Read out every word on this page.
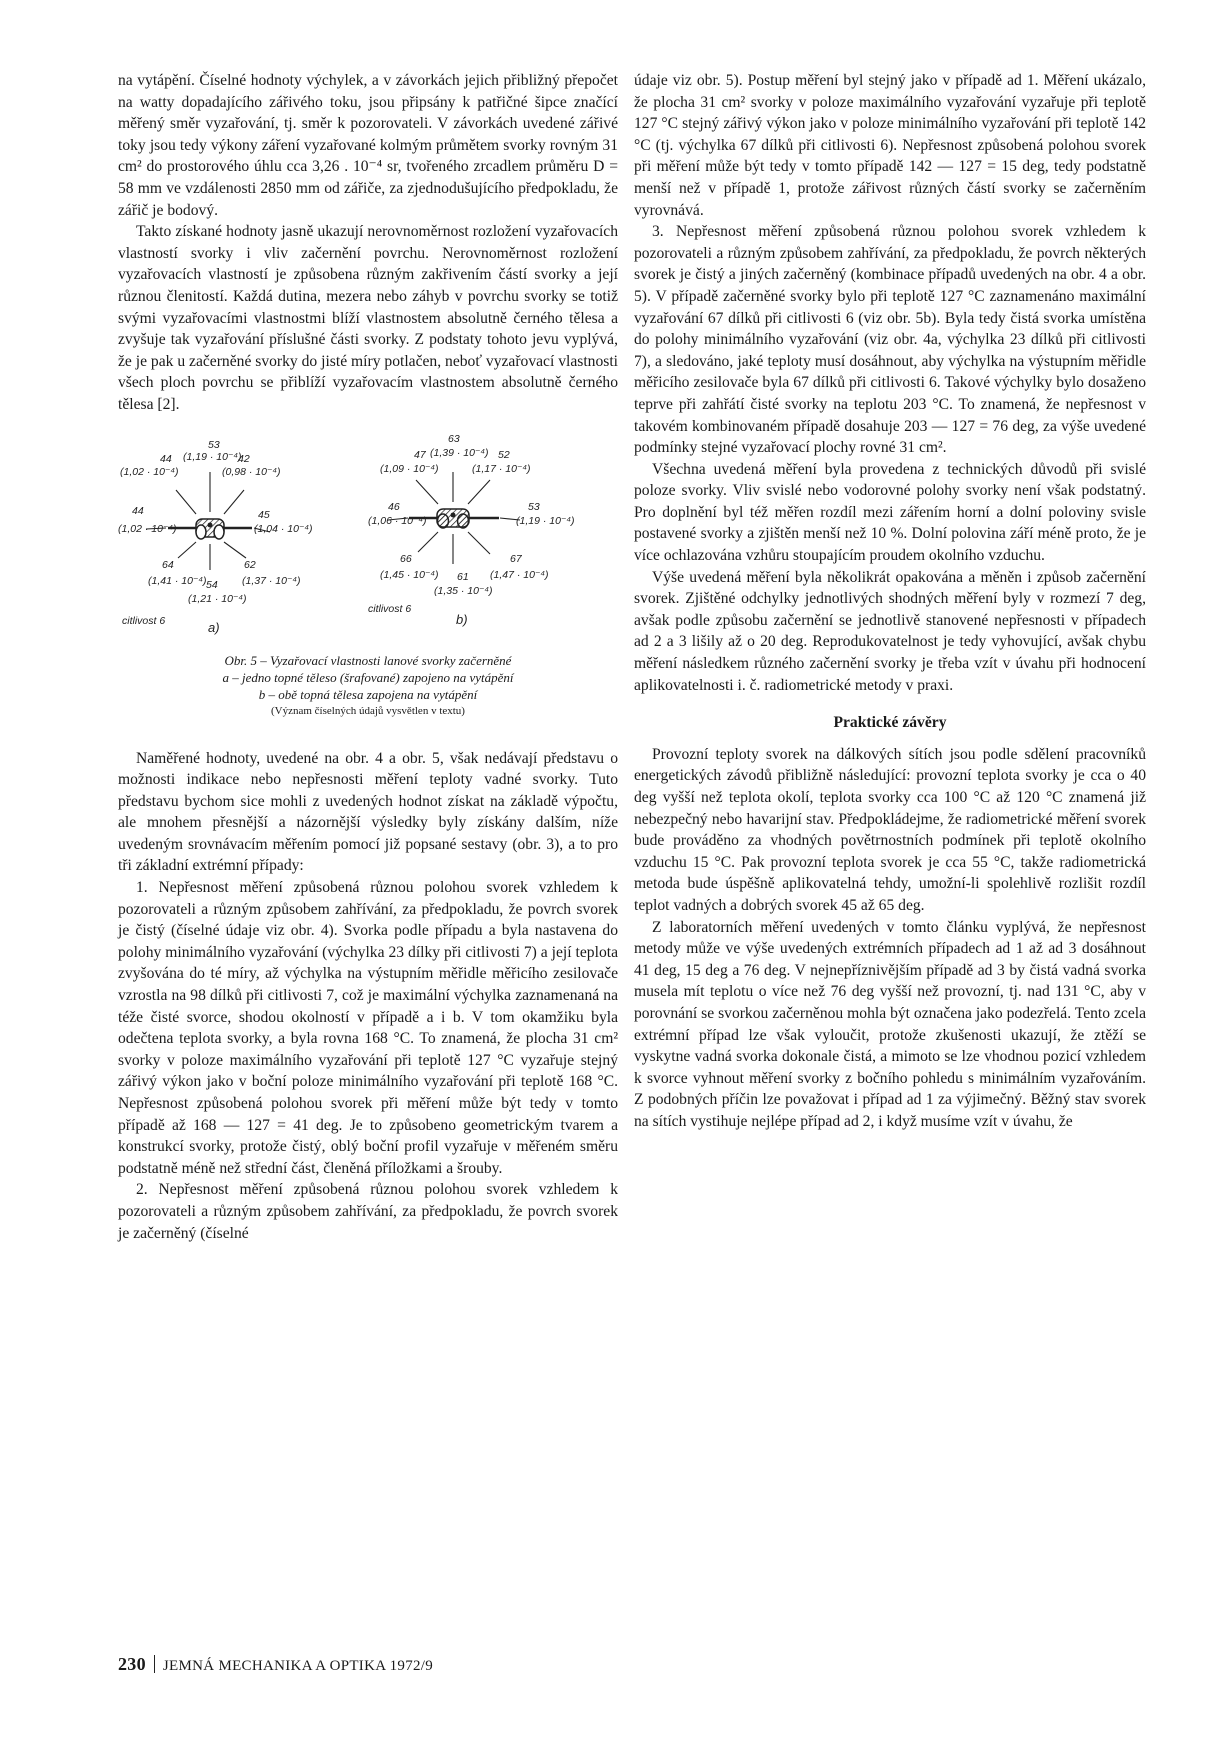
na vytápění. Číselné hodnoty výchylek, a v závorkách jejich přibližný přepočet na watty dopadajícího zářivého toku, jsou připsány k patřičné šipce značící měřený směr vyzařování, tj. směr k pozorovateli. V závorkách uvedené zářivé toky jsou tedy výkony záření vyzařované kolmým průmětem svorky rovným 31 cm² do prostorového úhlu cca 3,26 . 10⁻⁴ sr, tvořeného zrcadlem průměru D = 58 mm ve vzdálenosti 2850 mm od zářiče, za zjednodušujícího předpokladu, že zářič je bodový.

Takto získané hodnoty jasně ukazují nerovnoměrnost rozložení vyzařovacích vlastností svorky i vliv začernění povrchu. Nerovnoměrnost rozložení vyzařovacích vlastností je způsobena různým zakřivením částí svorky a její různou členitostí. Každá dutina, mezera nebo záhyb v povrchu svorky se totiž svými vyzařovacími vlastnostmi blíží vlastnostem absolutně černého tělesa a zvyšuje tak vyzařování příslušné části svorky. Z podstaty tohoto jevu vyplývá, že je pak u začerněné svorky do jisté míry potlačen, neboť vyzařovací vlastnosti všech ploch povrchu se přiblíží vyzařovacím vlastnostem absolutně černého tělesa [2].

53
(1,19 · 10⁻⁴)
44
(1,02 · 10⁻⁴)
42
(0,98 · 10⁻⁴)
44
(1,02 · 10⁻⁴)
45
(1,04 · 10⁻⁴)
64
(1,41 · 10⁻⁴)
62
(1,37 · 10⁻⁴)
54
(1,21 · 10⁻⁴)
citlivost 6	a)
63
(1,39 · 10⁻⁴)
47
(1,09 · 10⁻⁴)
52
(1,17 · 10⁻⁴)
46
(1,06 · 10⁻⁴)
53
(1,19 · 10⁻⁴)
66
(1,45 · 10⁻⁴)
67
(1,47 · 10⁻⁴)
61
(1,35 · 10⁻⁴)
citlivost 6
b)
Obr. 5 – Vyzařovací vlastnosti lanové svorky začerněné
a – jedno topné těleso (šrafované) zapojeno na vytápění
b – obě topná tělesa zapojena na vytápění
(Význam číselných údajů vysvětlen v textu)

Naměřené hodnoty, uvedené na obr. 4 a obr. 5, však nedávají představu o možnosti indikace nebo nepřesnosti měření teploty vadné svorky. Tuto představu bychom sice mohli z uvedených hodnot získat na základě výpočtu, ale mnohem přesnější a názornější výsledky byly získány dalším, níže uvedeným srovnávacím měřením pomocí již popsané sestavy (obr. 3), a to pro tři základní extrémní případy:

1. Nepřesnost měření způsobená různou polohou svorek vzhledem k pozorovateli a různým způsobem zahřívání, za předpokladu, že povrch svorek je čistý (číselné údaje viz obr. 4). Svorka podle případu a byla nastavena do polohy minimálního vyzařování (výchylka 23 dílky při citlivosti 7) a její teplota zvyšována do té míry, až výchylka na výstupním měřidle měřicího zesilovače vzrostla na 98 dílků při citlivosti 7, což je maximální výchylka zaznamenaná na téže čisté svorce, shodou okolností v případě a i b. V tom okamžiku byla odečtena teplota svorky, a byla rovna 168 °C. To znamená, že plocha 31 cm² svorky v poloze maximálního vyzařování při teplotě 127 °C vyzařuje stejný zářivý výkon jako v boční poloze minimálního vyzařování při teplotě 168 °C. Nepřesnost způsobená polohou svorek při měření může být tedy v tomto případě až 168 — 127 = 41 deg. Je to způsobeno geometrickým tvarem a konstrukcí svorky, protože čistý, oblý boční profil vyzařuje v měřeném směru podstatně méně než střední část, členěná příložkami a šrouby.

2. Nepřesnost měření způsobená různou polohou svorek vzhledem k pozorovateli a různým způsobem zahřívání, za předpokladu, že povrch svorek je začerněný (číselné

údaje viz obr. 5). Postup měření byl stejný jako v případě ad 1. Měření ukázalo, že plocha 31 cm² svorky v poloze maximálního vyzařování vyzařuje při teplotě 127 °C stejný zářivý výkon jako v poloze minimálního vyzařování při teplotě 142 °C (tj. výchylka 67 dílků při citlivosti 6). Nepřesnost způsobená polohou svorek při měření může být tedy v tomto případě 142 — 127 = 15 deg, tedy podstatně menší než v případě 1, protože zářivost různých částí svorky se začerněním vyrovnává.

3. Nepřesnost měření způsobená různou polohou svorek vzhledem k pozorovateli a různým způsobem zahřívání, za předpokladu, že povrch některých svorek je čistý a jiných začerněný (kombinace případů uvedených na obr. 4 a obr. 5). V případě začerněné svorky bylo při teplotě 127 °C zaznamenáno maximální vyzařování 67 dílků při citlivosti 6 (viz obr. 5b). Byla tedy čistá svorka umístěna do polohy minimálního vyzařování (viz obr. 4a, výchylka 23 dílků při citlivosti 7), a sledováno, jaké teploty musí dosáhnout, aby výchylka na výstupním měřidle měřicího zesilovače byla 67 dílků při citlivosti 6. Takové výchylky bylo dosaženo teprve při zahřátí čisté svorky na teplotu 203 °C. To znamená, že nepřesnost v takovém kombinovaném případě dosahuje 203 — 127 = 76 deg, za výše uvedené podmínky stejné vyzařovací plochy rovné 31 cm².

Všechna uvedená měření byla provedena z technických důvodů při svislé poloze svorky. Vliv svislé nebo vodorovné polohy svorky není však podstatný. Pro doplnění byl též měřen rozdíl mezi zářením horní a dolní poloviny svisle postavené svorky a zjištěn menší než 10 %. Dolní polovina září méně proto, že je více ochlazována vzhůru stoupajícím proudem okolního vzduchu.

Výše uvedená měření byla několikrát opakována a měněn i způsob začernění svorek. Zjištěné odchylky jednotlivých shodných měření byly v rozmezí 7 deg, avšak podle způsobu začernění se jednotlivě stanovené nepřesnosti v případech ad 2 a 3 lišily až o 20 deg. Reprodukovatelnost je tedy vyhovující, avšak chybu měření následkem různého začernění svorky je třeba vzít v úvahu při hodnocení aplikovatelnosti i. č. radiometrické metody v praxi.

Praktické závěry

Provozní teploty svorek na dálkových sítích jsou podle sdělení pracovníků energetických závodů přibližně následující: provozní teplota svorky je cca o 40 deg vyšší než teplota okolí, teplota svorky cca 100 °C až 120 °C znamená již nebezpečný nebo havarijní stav. Předpokládejme, že radiometrické měření svorek bude prováděno za vhodných povětrnostních podmínek při teplotě okolního vzduchu 15 °C. Pak provozní teplota svorek je cca 55 °C, takže radiometrická metoda bude úspěšně aplikovatelná tehdy, umožní-li spolehlivě rozlišit rozdíl teplot vadných a dobrých svorek 45 až 65 deg.

Z laboratorních měření uvedených v tomto článku vyplývá, že nepřesnost metody může ve výše uvedených extrémních případech ad 1 až ad 3 dosáhnout 41 deg, 15 deg a 76 deg. V nejnepříznivějším případě ad 3 by čistá vadná svorka musela mít teplotu o více než 76 deg vyšší než provozní, tj. nad 131 °C, aby v porovnání se svorkou začerněnou mohla být označena jako podezřelá. Tento zcela extrémní případ lze však vyloučit, protože zkušenosti ukazují, že ztěží se vyskytne vadná svorka dokonale čistá, a mimoto se lze vhodnou pozicí vzhledem k svorce vyhnout měření svorky z bočního pohledu s minimálním vyzařováním. Z podobných příčin lze považovat i případ ad 1 za výjimečný. Běžný stav svorek na sítích vystihuje nejlépe případ ad 2, i když musíme vzít v úvahu, že

230 JEMNÁ MECHANIKA A OPTIKA 1972/9
